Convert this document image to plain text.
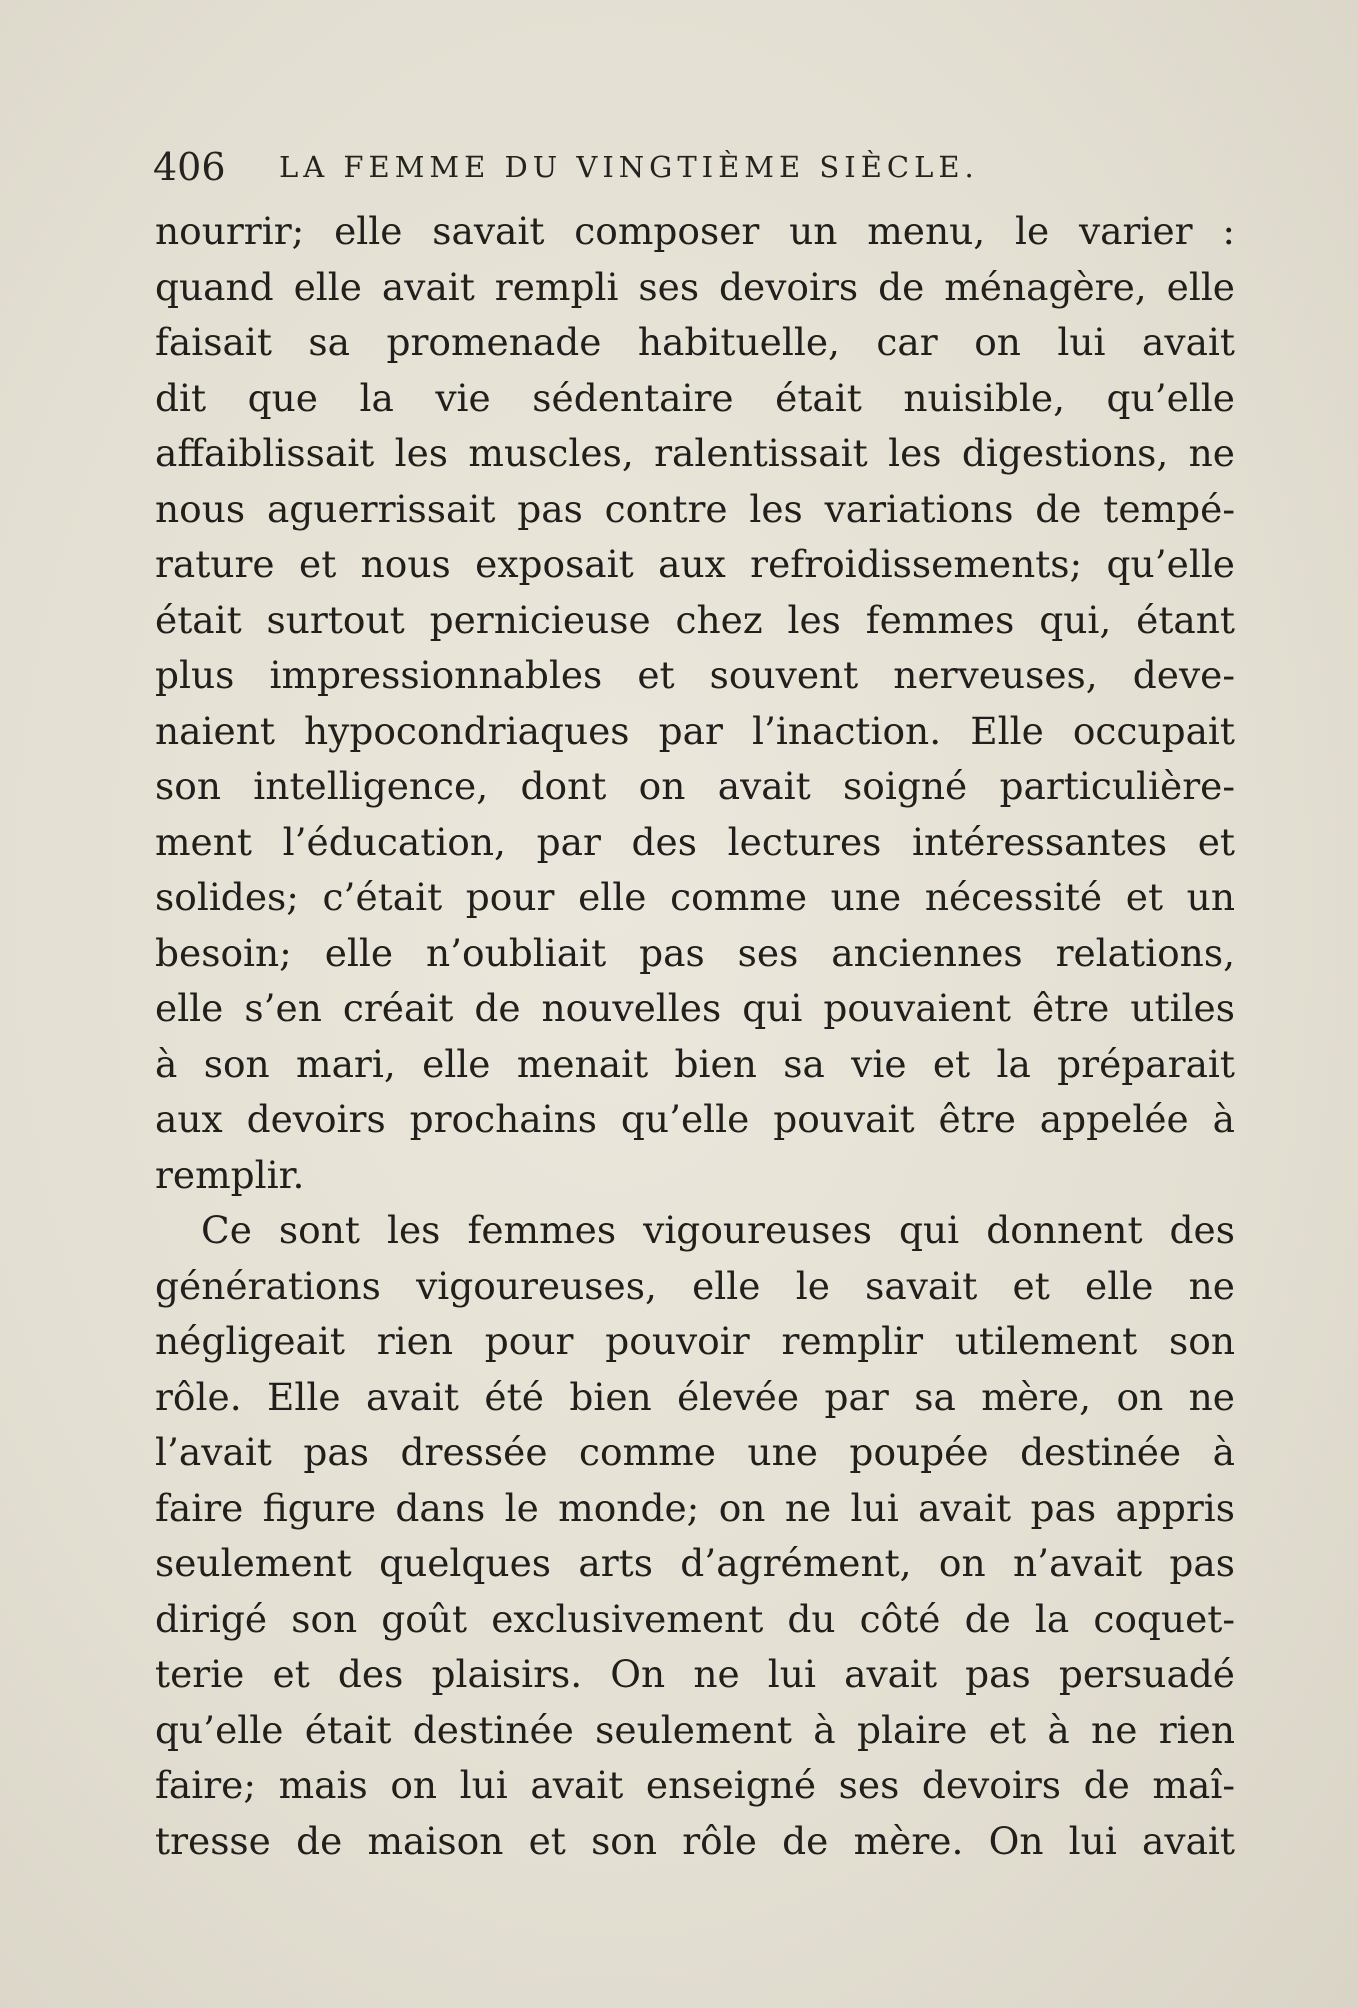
406 LA FEMME DU VINGTIÈME SIÈCLE.

nourrir; elle savait composer un menu, le varier :
quand elle avait rempli ses devoirs de ménagère, elle
faisait sa promenade habituelle, car on lui avait
dit que la vie sédentaire était nuisible, qu’elle
affaiblissait les muscles, ralentissait les digestions, ne
nous aguerrissait pas contre les variations de tempé-
rature et nous exposait aux refroidissements; qu’elle
était surtout pernicieuse chez les femmes qui, étant
plus impressionnables et souvent nerveuses, deve-
naient hypocondriaques par l’inaction. Elle occupait
son intelligence, dont on avait soigné particulière-
ment l’éducation, par des lectures intéressantes et
solides; c’était pour elle comme une nécessité et un
besoin; elle n’oubliait pas ses anciennes relations,
elle s’en créait de nouvelles qui pouvaient être utiles
à son mari, elle menait bien sa vie et la préparait
aux devoirs prochains qu’elle pouvait être appelée à
remplir.

Ce sont les femmes vigoureuses qui donnent des
générations vigoureuses, elle le savait et elle ne
négligeait rien pour pouvoir remplir utilement son
rôle. Elle avait été bien élevée par sa mère, on ne
l’avait pas dressée comme une poupée destinée à
faire figure dans le monde; on ne lui avait pas appris
seulement quelques arts d’agrément, on n’avait pas
dirigé son goût exclusivement du côté de la coquet-
terie et des plaisirs. On ne lui avait pas persuadé
qu’elle était destinée seulement à plaire et à ne rien
faire; mais on lui avait enseigné ses devoirs de maî-
tresse de maison et son rôle de mère. On lui avait
